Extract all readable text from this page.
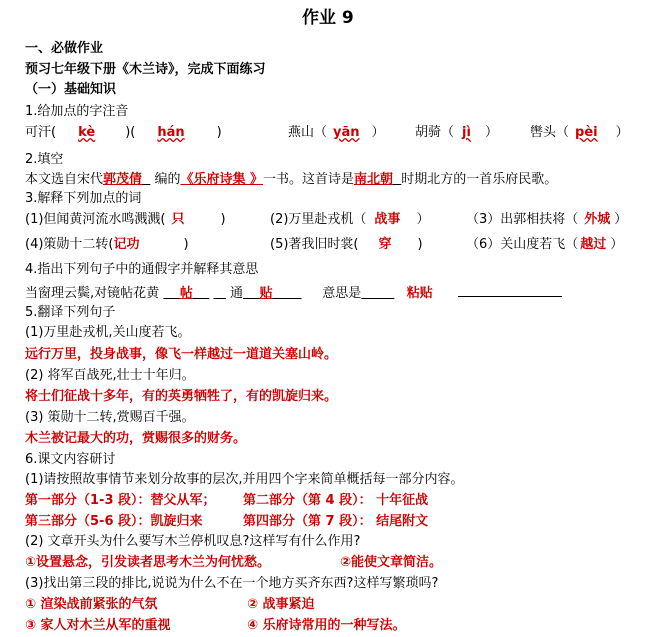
作业 9
一、必做作业
预习七年级下册《木兰诗》，完成下面练习
（一）基础知识
1.给加点的字注音
可汗( kè )( hán )	燕山（ yān ） 胡骑（ jì ） 辔头（ pèi ）
2.填空
本文选自宋代郭茂倩 编的《乐府诗集 》一书。这首诗是南北朝 时期北方的一首乐府民歌。
3.解释下列加点的词
(1)但闻黄河流水鸣溅溅( 只	)	(2)万里赴戎机（ 战事 ）	（3）出郭相扶将（ 外城 ）
(4)策勋十二转(记功	)	(5)著我旧时裳( 穿 )	（6）关山度若飞（ 越过 ）
4.指出下列句子中的通假字并解释其意思
当窗理云鬓,对镜帖花黄 帖	通 贴	意思是	粘贴
5.翻译下列句子
(1)万里赴戎机,关山度若飞。
远行万里，投身战事，像飞一样越过一道道关塞山岭。
(2) 将军百战死,壮士十年归。
将士们征战十多年，有的英勇牺牲了，有的凯旋归来。
(3) 策勋十二转,赏赐百千强。
木兰被记最大的功，赏赐很多的财务。
6.课文内容研讨
(1)请按照故事情节来划分故事的层次,并用四个字来简单概括每一部分内容。
第一部分（1-3 段）：替父从军； 第二部分（第 4 段）： 十年征战
第三部分（5-6 段）：凯旋归来	第四部分（第 7 段）： 结尾附文
(2) 文章开头为什么要写木兰停机叹息?这样写有什么作用?
①设置悬念，引发读者思考木兰为何忧愁。	②能使文章简洁。
(3)找出第三段的排比,说说为什么不在一个地方买齐东西?这样写繁琐吗?
① 渲染战前紧张的气氛	② 战事紧迫
③ 家人对木兰从军的重视	④ 乐府诗常用的一种写法。
